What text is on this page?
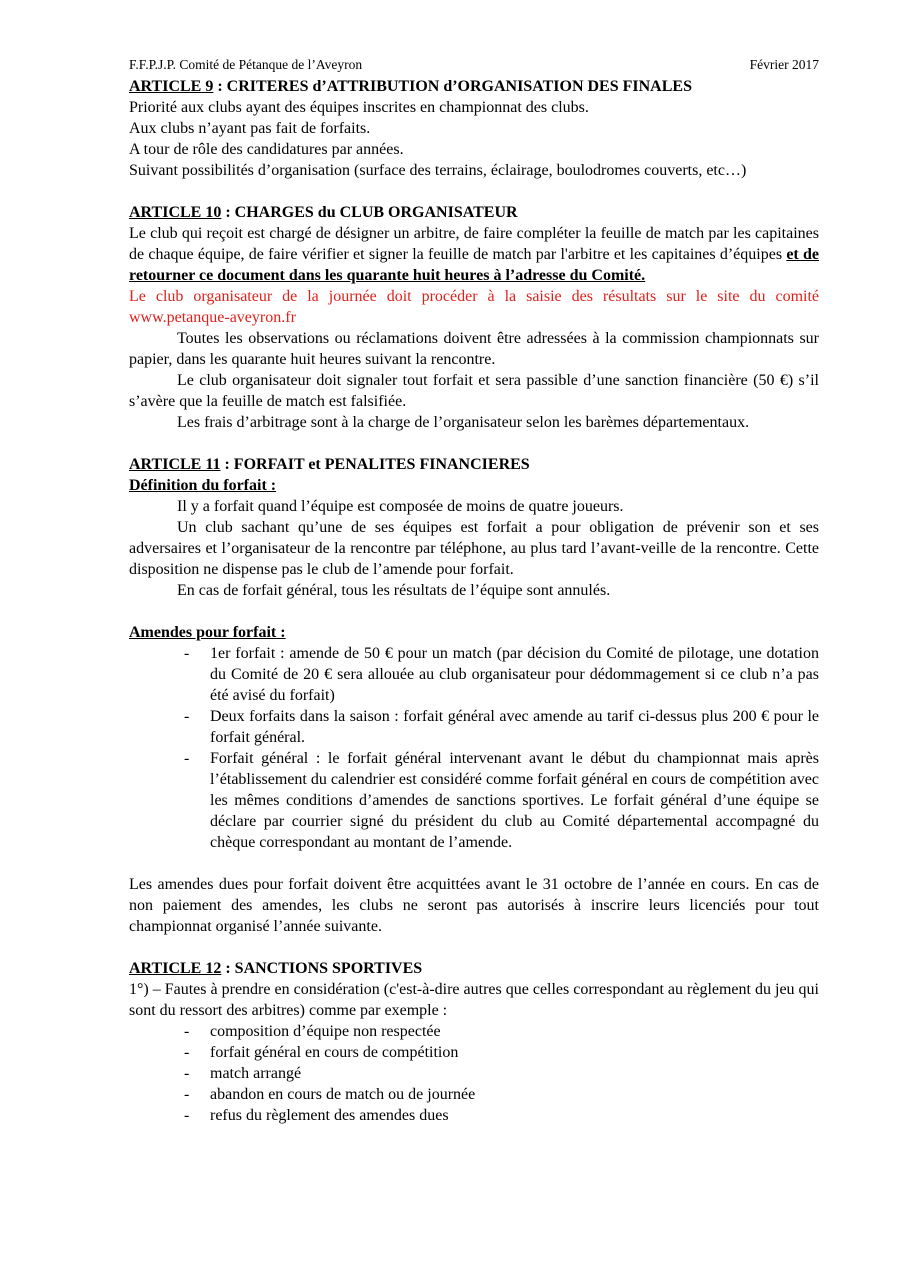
F.F.P.J.P. Comité de Pétanque de l’Aveyron	Février 2017

ARTICLE 9 : CRITERES d’ATTRIBUTION d’ORGANISATION DES FINALES

Priorité aux clubs ayant des équipes inscrites en championnat des clubs.

Aux clubs n’ayant pas fait de forfaits.

A tour de rôle des candidatures par années.

Suivant possibilités d’organisation (surface des terrains, éclairage, boulodromes couverts, etc…)

ARTICLE 10 : CHARGES du CLUB ORGANISATEUR

Le club qui reçoit est chargé de désigner un arbitre, de faire compléter la feuille de match par les capitaines de chaque équipe, de faire vérifier et signer la feuille de match par l'arbitre et les capitaines d’équipes et de retourner ce document dans les quarante huit heures à l’adresse du Comité.

Le club organisateur de la journée doit procéder à la saisie des résultats sur le site du comité www.petanque-aveyron.fr

Toutes les observations ou réclamations doivent être adressées à la commission championnats sur papier, dans les quarante huit heures suivant la rencontre.

Le club organisateur doit signaler tout forfait et sera passible d’une sanction financière (50 €) s’il s’avère que la feuille de match est falsifiée.

Les frais d’arbitrage sont à la charge de l’organisateur selon les barèmes départementaux.

ARTICLE 11 : FORFAIT et PENALITES FINANCIERES

Définition du forfait :

Il y a forfait quand l’équipe est composée de moins de quatre joueurs.

Un club sachant qu’une de ses équipes est forfait a pour obligation de prévenir son et ses adversaires et l’organisateur de la rencontre par téléphone, au plus tard l’avant-veille de la rencontre. Cette disposition ne dispense pas le club de l’amende pour forfait.

En cas de forfait général, tous les résultats de l’équipe sont annulés.

Amendes pour forfait :

- 1er forfait : amende de 50 € pour un match (par décision du Comité de pilotage, une dotation du Comité de 20 € sera allouée au club organisateur pour dédommagement si ce club n’a pas été avisé du forfait)
- Deux forfaits dans la saison : forfait général avec amende au tarif ci-dessus plus 200 € pour le forfait général.
- Forfait général : le forfait général intervenant avant le début du championnat mais après l’établissement du calendrier est considéré comme forfait général en cours de compétition avec les mêmes conditions d’amendes de sanctions sportives. Le forfait général d’une équipe se déclare par courrier signé du président du club au Comité départemental accompagné du chèque correspondant au montant de l’amende.

Les amendes dues pour forfait doivent être acquittées avant le 31 octobre de l’année en cours. En cas de non paiement des amendes, les clubs ne seront pas autorisés à inscrire leurs licenciés pour tout championnat organisé l’année suivante.

ARTICLE 12 : SANCTIONS SPORTIVES

1°) – Fautes à prendre en considération (c'est-à-dire autres que celles correspondant au règlement du jeu qui sont du ressort des arbitres) comme par exemple :

- composition d’équipe non respectée
- forfait général en cours de compétition
- match arrangé
- abandon en cours de match ou de journée
- refus du règlement des amendes dues
